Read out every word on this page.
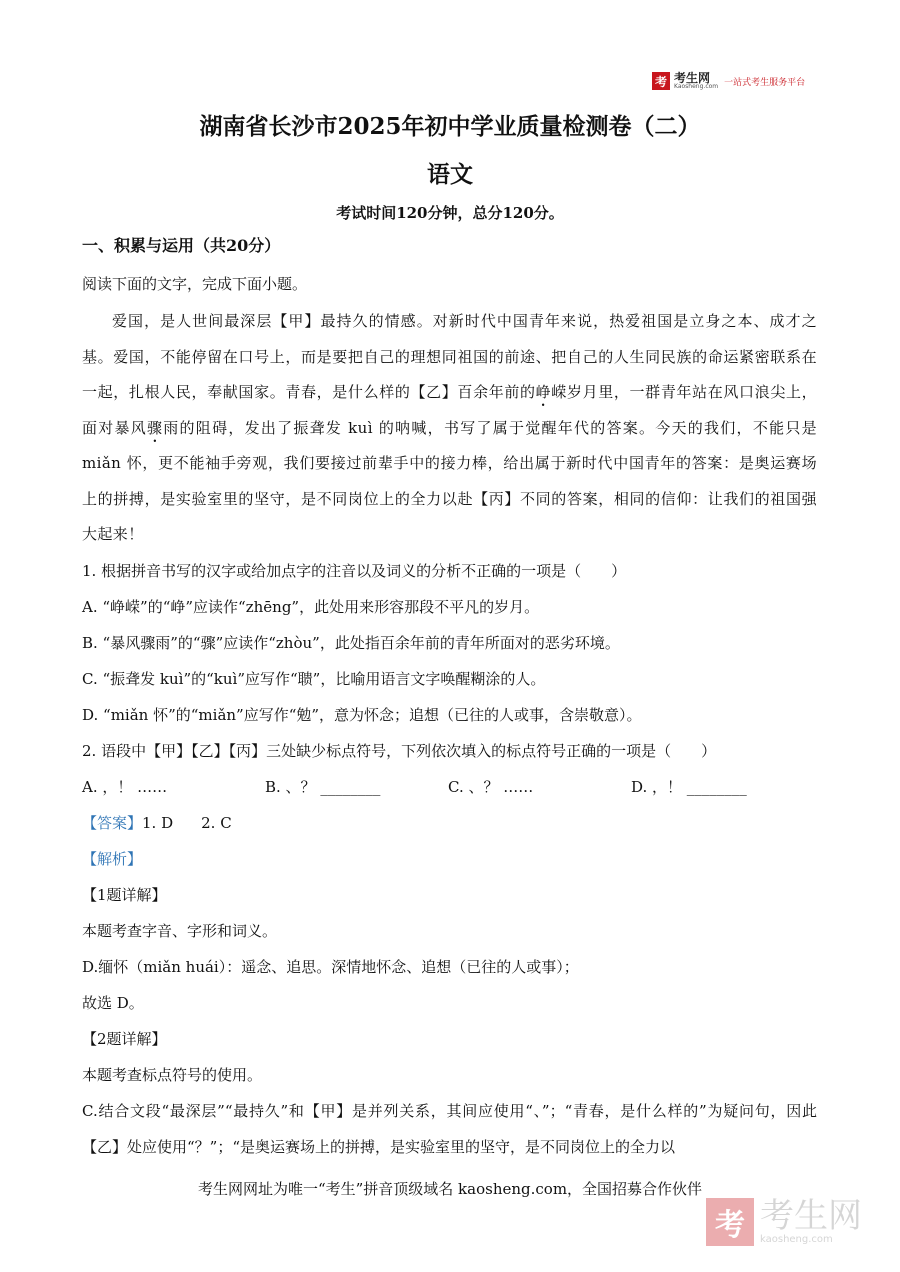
考 考生网
Kaosheng.com 一站式考生服务平台
湖南省长沙市2025年初中学业质量检测卷（二）
语文
考试时间120分钟，总分120分。

一、积累与运用（共20分）

阅读下面的文字，完成下面小题。

爱国，是人世间最深层【甲】最持久的情感。对新时代中国青年来说，热爱祖国是立身之本、成才之基。爱国，不能停留在口号上，而是要把自己的理想同祖国的前途、把自己的人生同民族的命运紧密联系在一起，扎根人民，奉献国家。青春，是什么样的【乙】百余年前的峥嵘岁月里，一群青年站在风口浪尖上，面对暴风骤雨的阻碍，发出了振聋发 kuì 的呐喊，书写了属于觉醒年代的答案。今天的我们，不能只是 miǎn 怀，更不能袖手旁观，我们要接过前辈手中的接力棒，给出属于新时代中国青年的答案：是奥运赛场上的拼搏，是实验室里的坚守，是不同岗位上的全力以赴【丙】不同的答案，相同的信仰：让我们的祖国强大起来！

1. 根据拼音书写的汉字或给加点字的注音以及词义的分析不正确的一项是（　　）

A. “峥嵘”的“峥”应读作“zhēng”，此处用来形容那段不平凡的岁月。

B. “暴风骤雨”的“骤”应读作“zhòu”，此处指百余年前的青年所面对的恶劣环境。

C. “振聋发 kuì”的“kuì”应写作“聩”，比喻用语言文字唤醒糊涂的人。

D. “miǎn 怀”的“miǎn”应写作“勉”，意为怀念；追想（已往的人或事，含崇敬意）。

2. 语段中【甲】【乙】【丙】三处缺少标点符号，下列依次填入的标点符号正确的一项是（　　）

A. ，！ ……	B. 、？ ________	C. 、？ ……	D. ，！ ________
【答案】1. D 2. C

【解析】

【1题详解】

本题考查字音、字形和词义。

D.缅怀（miǎn huái）：遥念、追思。深情地怀念、追想（已往的人或事）；

故选 D。

【2题详解】

本题考查标点符号的使用。

C.结合文段“最深层”“最持久”和【甲】是并列关系，其间应使用“、”；“青春，是什么样的”为疑问句，因此【乙】处应使用“？”；“是奥运赛场上的拼搏，是实验室里的坚守，是不同岗位上的全力以

考生网网址为唯一“考生”拼音顶级域名 kaosheng.com，全国招募合作伙伴
考 考生网
kaosheng.com
